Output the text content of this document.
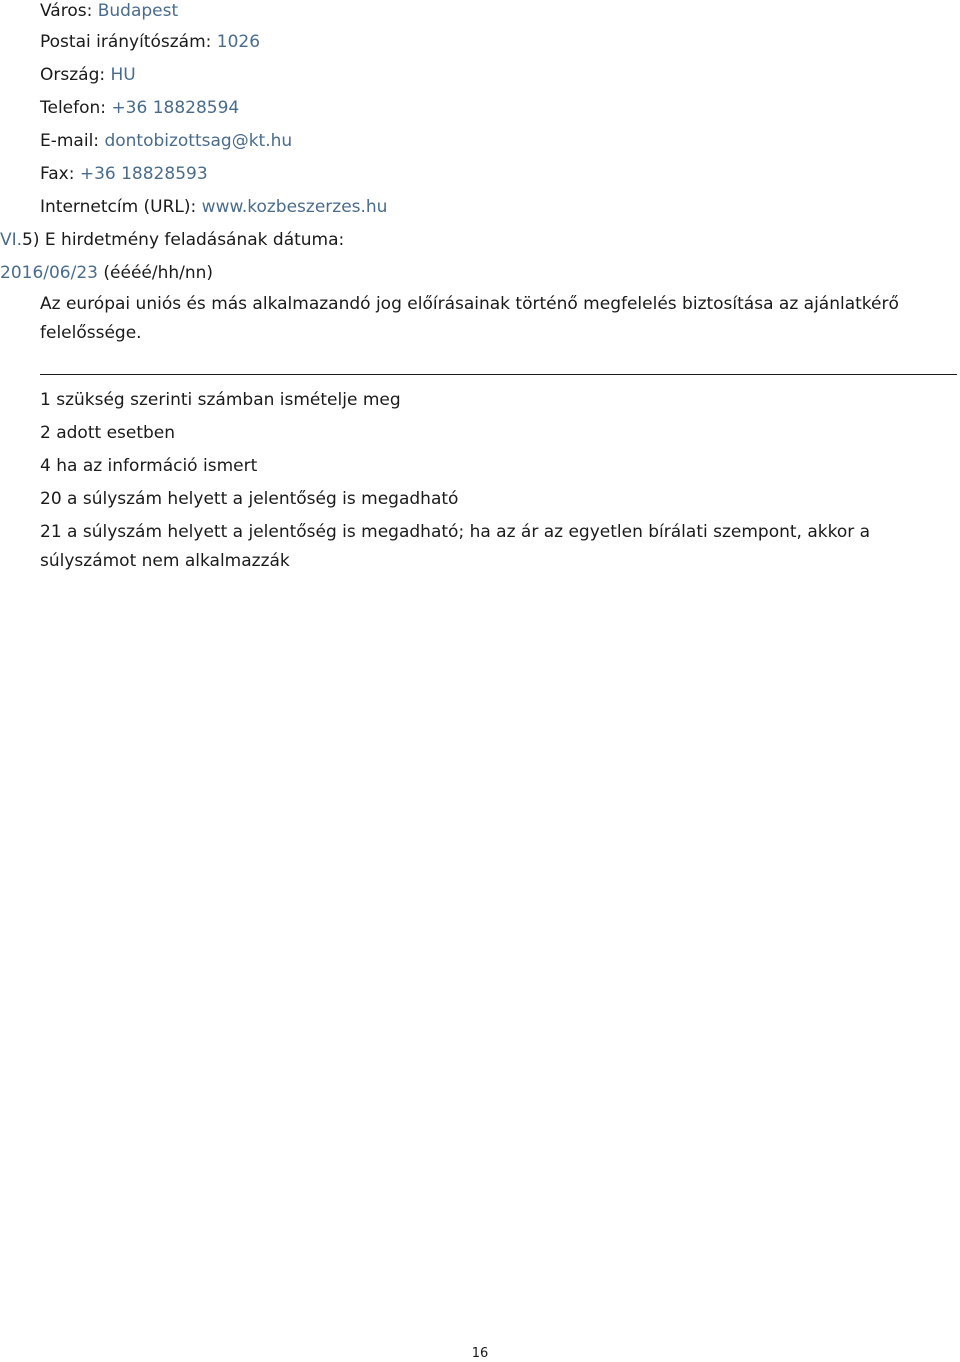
Város: Budapest
Postai irányítószám: 1026
Ország: HU
Telefon: +36 18828594
E-mail: dontobizottsag@kt.hu
Fax: +36 18828593
Internetcím (URL): www.kozbeszerzes.hu
VI.5) E hirdetmény feladásának dátuma:
2016/06/23 (éééé/hh/nn)
Az európai uniós és más alkalmazandó jog előírásainak történő megfelelés biztosítása az ajánlatkérő felelőssége.
1 szükség szerinti számban ismételje meg
2 adott esetben
4 ha az információ ismert
20 a súlyszám helyett a jelentőség is megadható
21 a súlyszám helyett a jelentőség is megadható; ha az ár az egyetlen bírálati szempont, akkor a súlyszámot nem alkalmazzák
16
